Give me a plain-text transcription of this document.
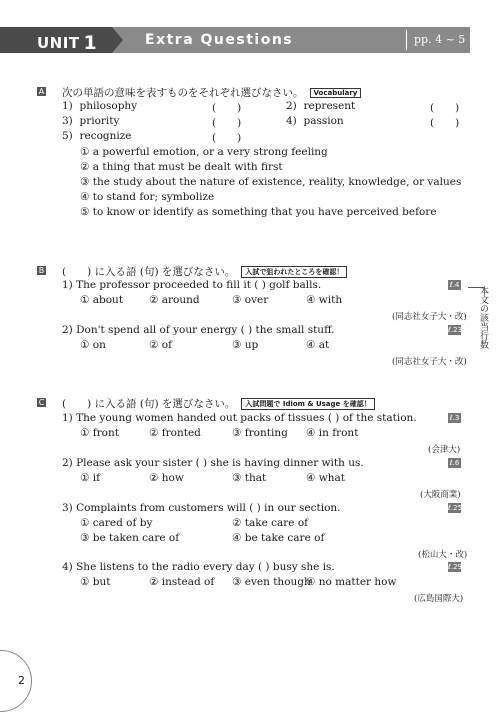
UNIT 1	Extra Questions	pp. 4 ~ 5
A 次の単語の意味を表すものをそれぞれ選びなさい。 Vocabulary
1) philosophy	(　　)	2) represent	(　　)
3) priority	(　　)	4) passion	(　　)
5) recognize	(　　)
① a powerful emotion, or a very strong feeling
② a thing that must be dealt with first
③ the study about the nature of existence, reality, knowledge, or values
④ to stand for; symbolize
⑤ to know or identify as something that you have perceived before
B (　　) に入る語 (句) を選びなさい。 入試で狙われたところを確認！
1) The professor proceeded to fill it ( ) golf balls.	ℓ.4
① about ② around	③ over	④ with
(同志社女子大・改)
2) Don't spend all of your energy ( ) the small stuff.	ℓ.23
① on	② of	③ up	④ at
(同志社女子大・改)
本文の該当行数
C (　　) に入る語 (句) を選びなさい。 入試問題で Idiom & Usage を確認！
1) The young women handed out packs of tissues ( ) of the station.	ℓ.3
① front	② fronted	③ fronting ④ in front
(会津大)
2) Please ask your sister ( ) she is having dinner with us.	ℓ.6
① if	② how	③ that	④ what
(大阪商業)
3) Complaints from customers will ( ) in our section.	ℓ.25
① cared of by	② take care of
③ be taken care of	④ be take care of
(松山大・改)
4) She listens to the radio every day ( ) busy she is.	ℓ.29
① but	② instead of ③ even though
④ no matter how
(広島国際大)
2
